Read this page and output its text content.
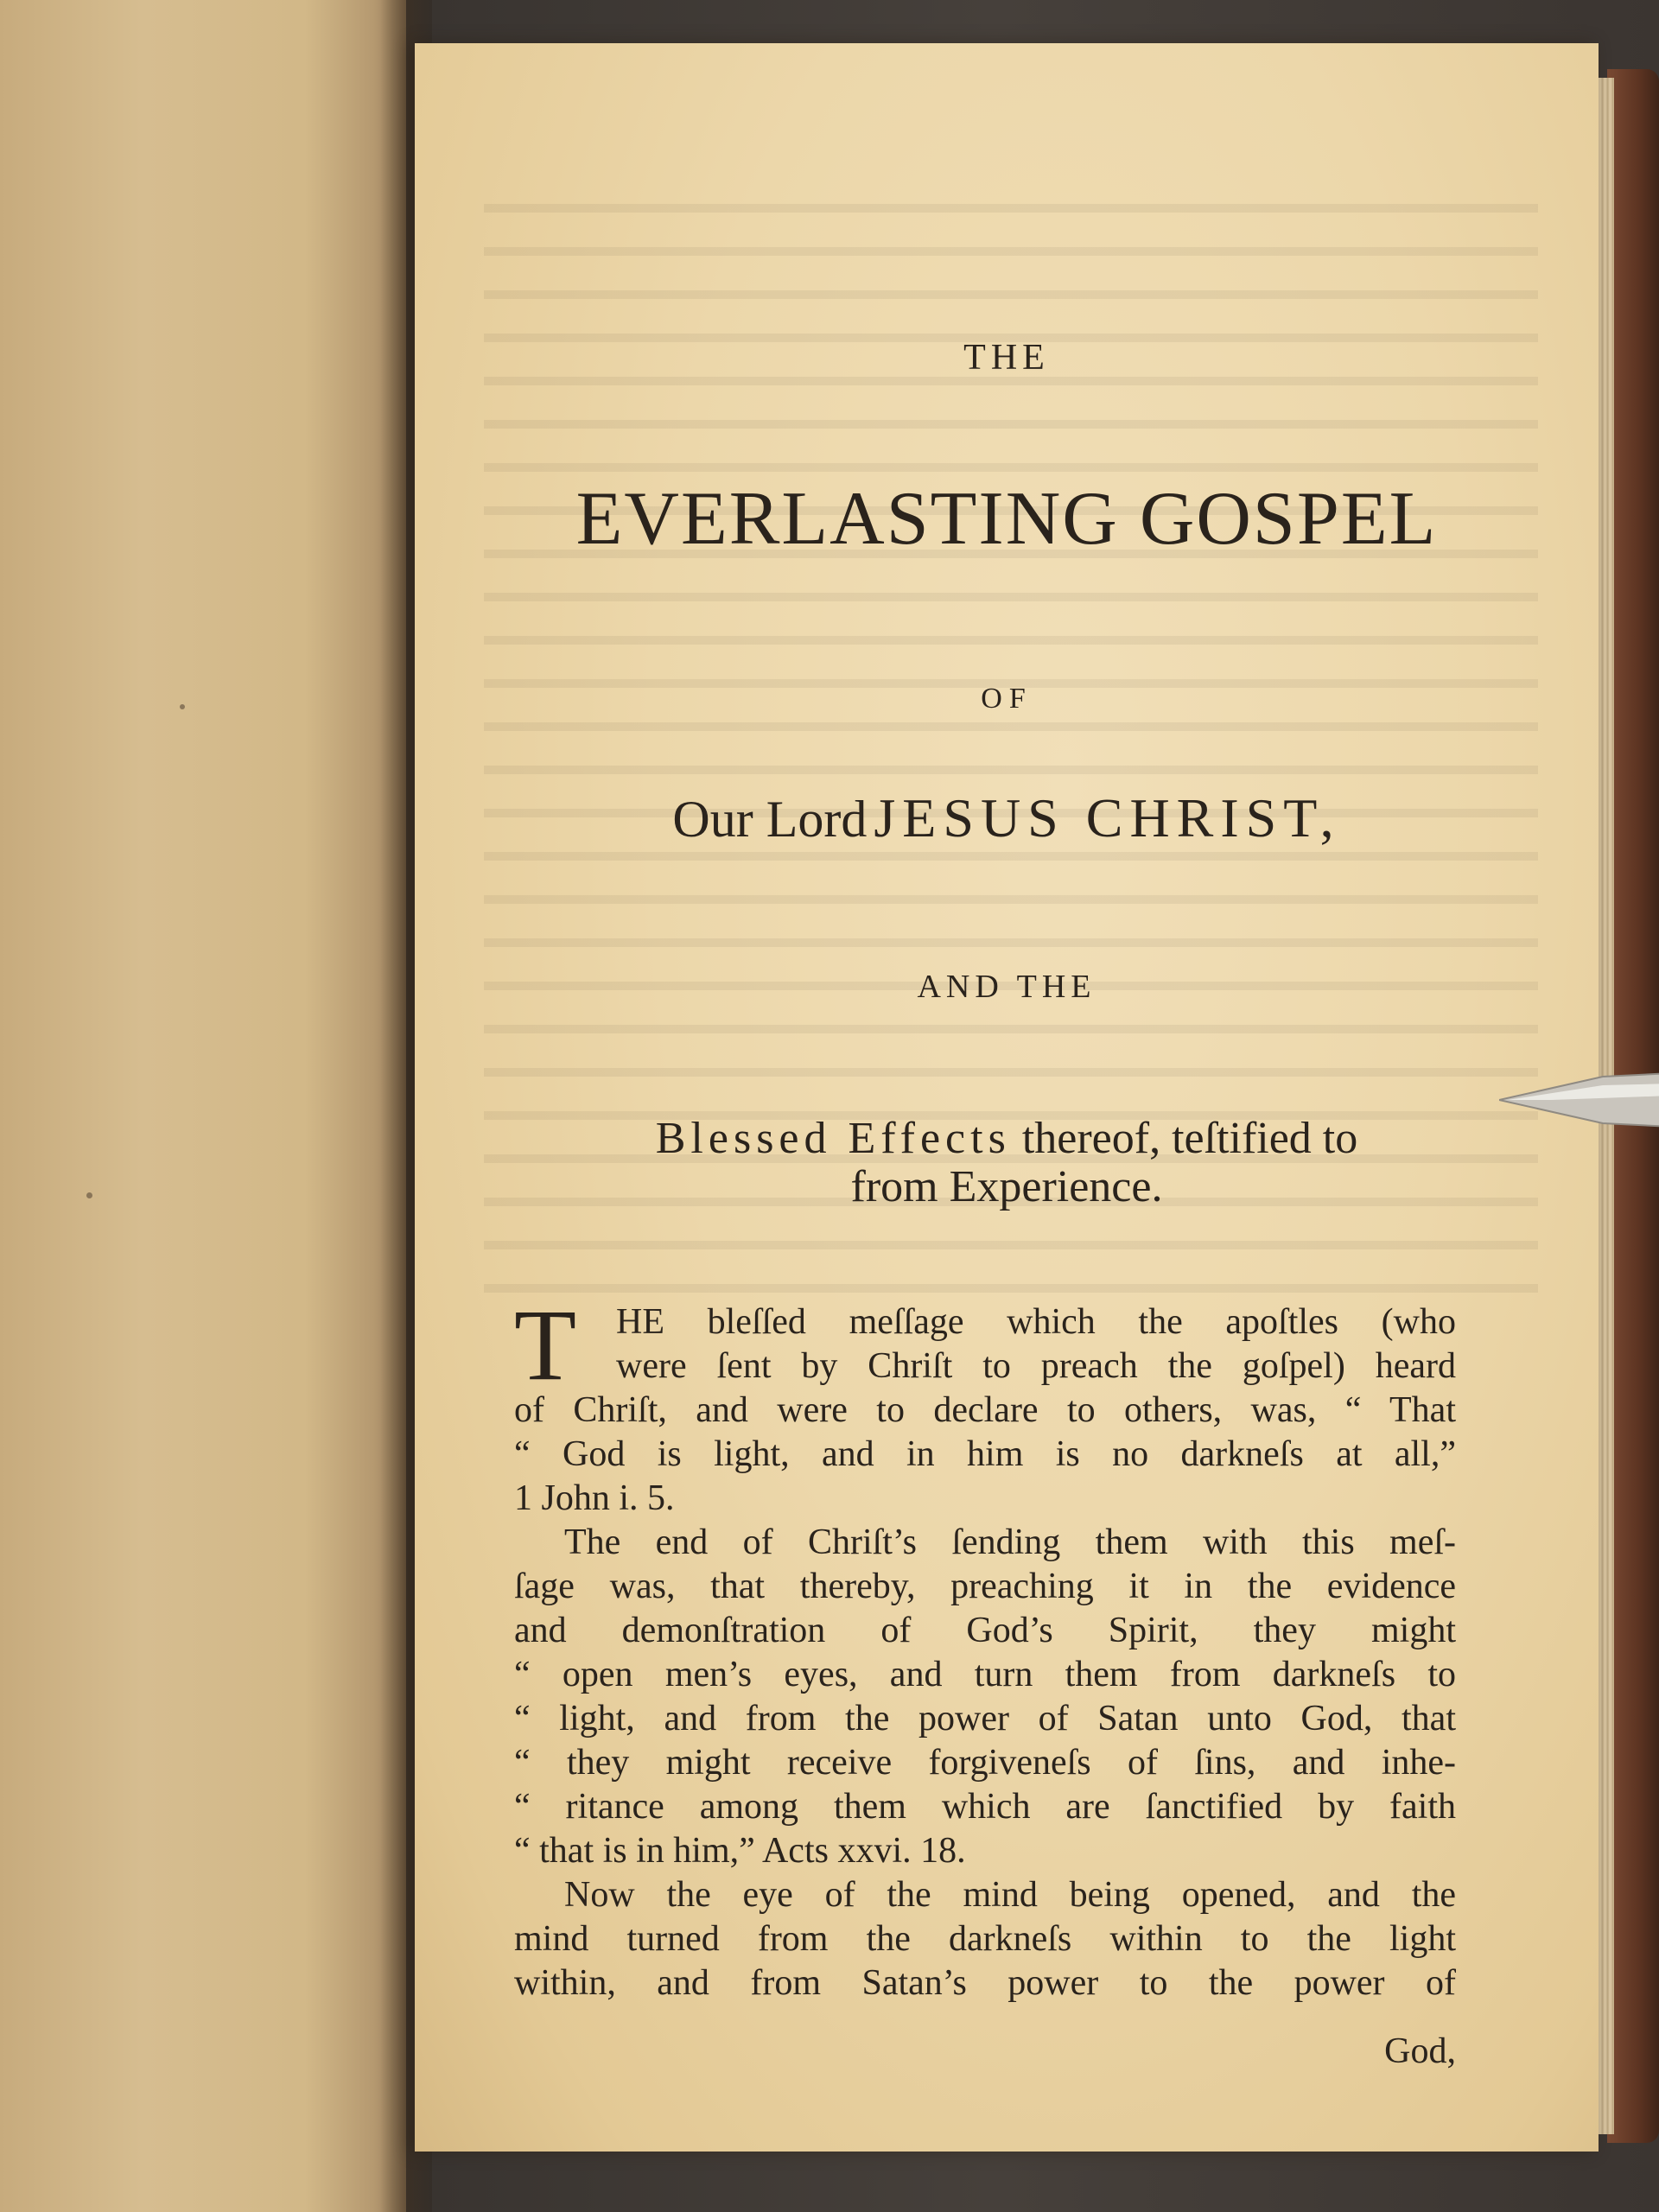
THE
EVERLASTING GOSPEL
OF
Our Lord JESUS CHRIST,
AND THE
Blessed Effects thereof, teſtified to
from Experience.
T	HE bleſſed meſſage which the apoſtles (who
were ſent by Chriſt to preach the goſpel) heard
of Chriſt, and were to declare to others, was, “ That
“ God is light, and in him is no darkneſs at all,”
1 John i. 5.
The end of Chriſt’s ſending them with this meſ-
ſage was, that thereby, preaching it in the evidence
and demonſtration of God’s Spirit, they might
“ open men’s eyes, and turn them from darkneſs to
“ light, and from the power of Satan unto God, that
“ they might receive forgiveneſs of ſins, and inhe-
“ ritance among them which are ſanctified by faith
“ that is in him,” Acts xxvi. 18.
Now the eye of the mind being opened, and the
mind turned from the darkneſs within to the light
within, and from Satan’s power to the power of
God,
